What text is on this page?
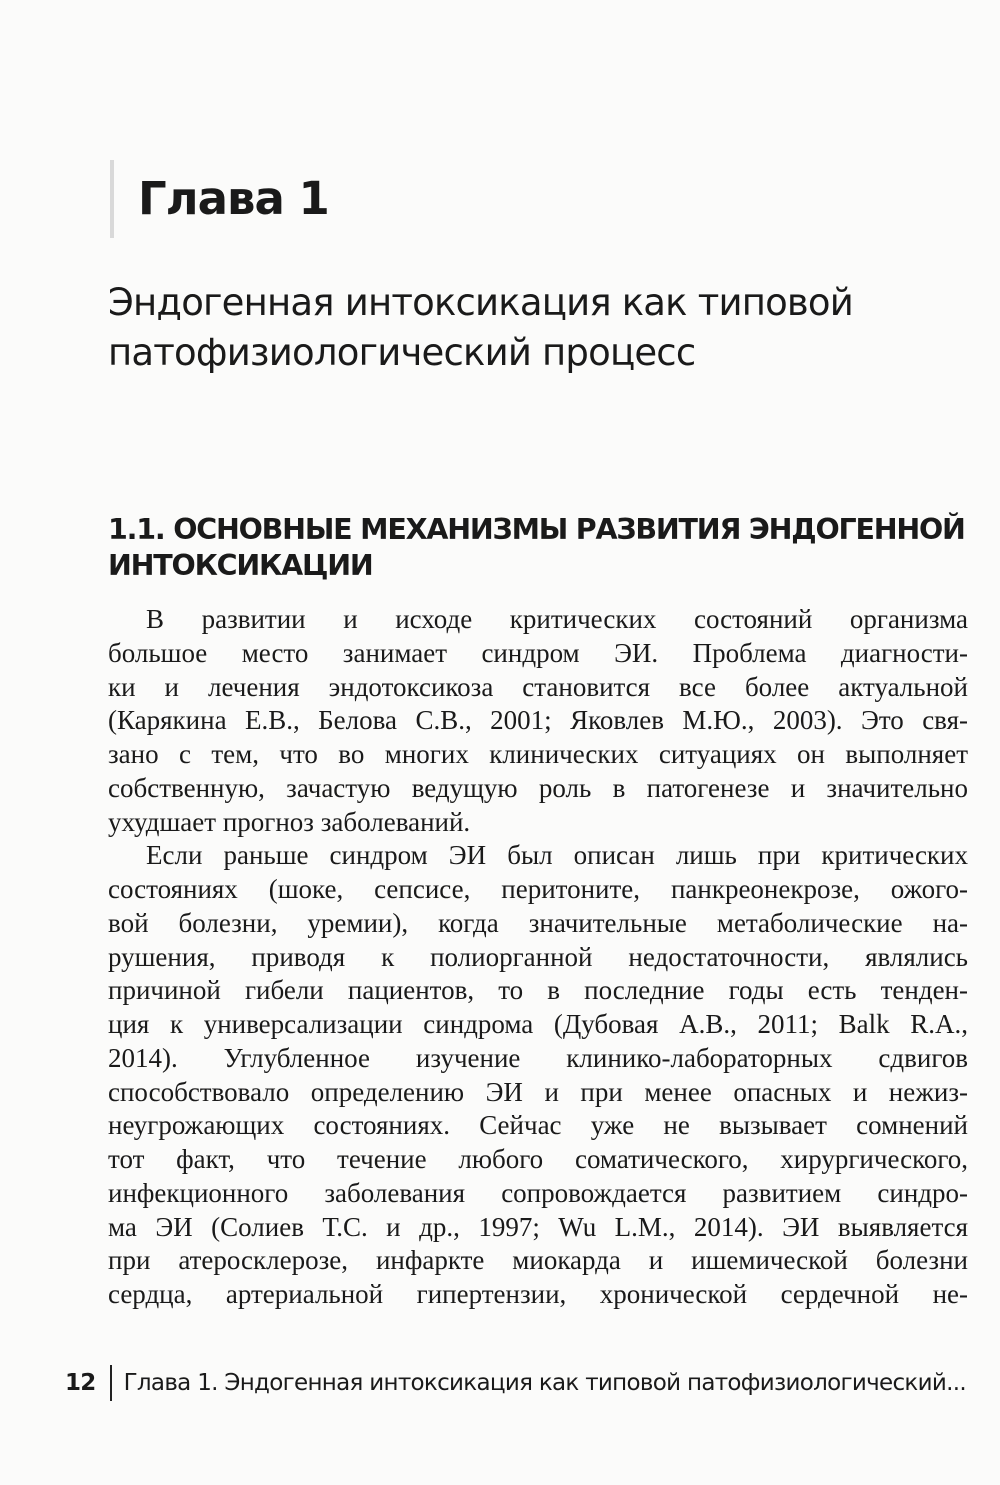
Глава 1
Эндогенная интоксикация как типовой
патофизиологический процесс
1.1. ОСНОВНЫЕ МЕХАНИЗМЫ РАЗВИТИЯ ЭНДОГЕННОЙ
ИНТОКСИКАЦИИ
В развитии и исходе критических состояний организма
большое место занимает синдром ЭИ. Проблема диагности-
ки и лечения эндотоксикоза становится все более актуальной
(Карякина Е.В., Белова С.В., 2001; Яковлев М.Ю., 2003). Это свя-
зано с тем, что во многих клинических ситуациях он выполняет
собственную, зачастую ведущую роль в патогенезе и значительно
ухудшает прогноз заболеваний.
Если раньше синдром ЭИ был описан лишь при критических
состояниях (шоке, сепсисе, перитоните, панкреонекрозе, ожого-
вой болезни, уремии), когда значительные метаболические на-
рушения, приводя к полиорганной недостаточности, являлись
причиной гибели пациентов, то в последние годы есть тенден-
ция к универсализации синдрома (Дубовая А.В., 2011; Balk R.A.,
2014). Углубленное изучение клинико-лабораторных сдвигов
способствовало определению ЭИ и при менее опасных и нежиз-
неугрожающих состояниях. Сейчас уже не вызывает сомнений
тот факт, что течение любого соматического, хирургического,
инфекционного заболевания сопровождается развитием синдро-
ма ЭИ (Солиев Т.С. и др., 1997; Wu L.M., 2014). ЭИ выявляется
при атеросклерозе, инфаркте миокарда и ишемической болезни
сердца, артериальной гипертензии, хронической сердечной не-
12 Глава 1. Эндогенная интоксикация как типовой патофизиологический...
